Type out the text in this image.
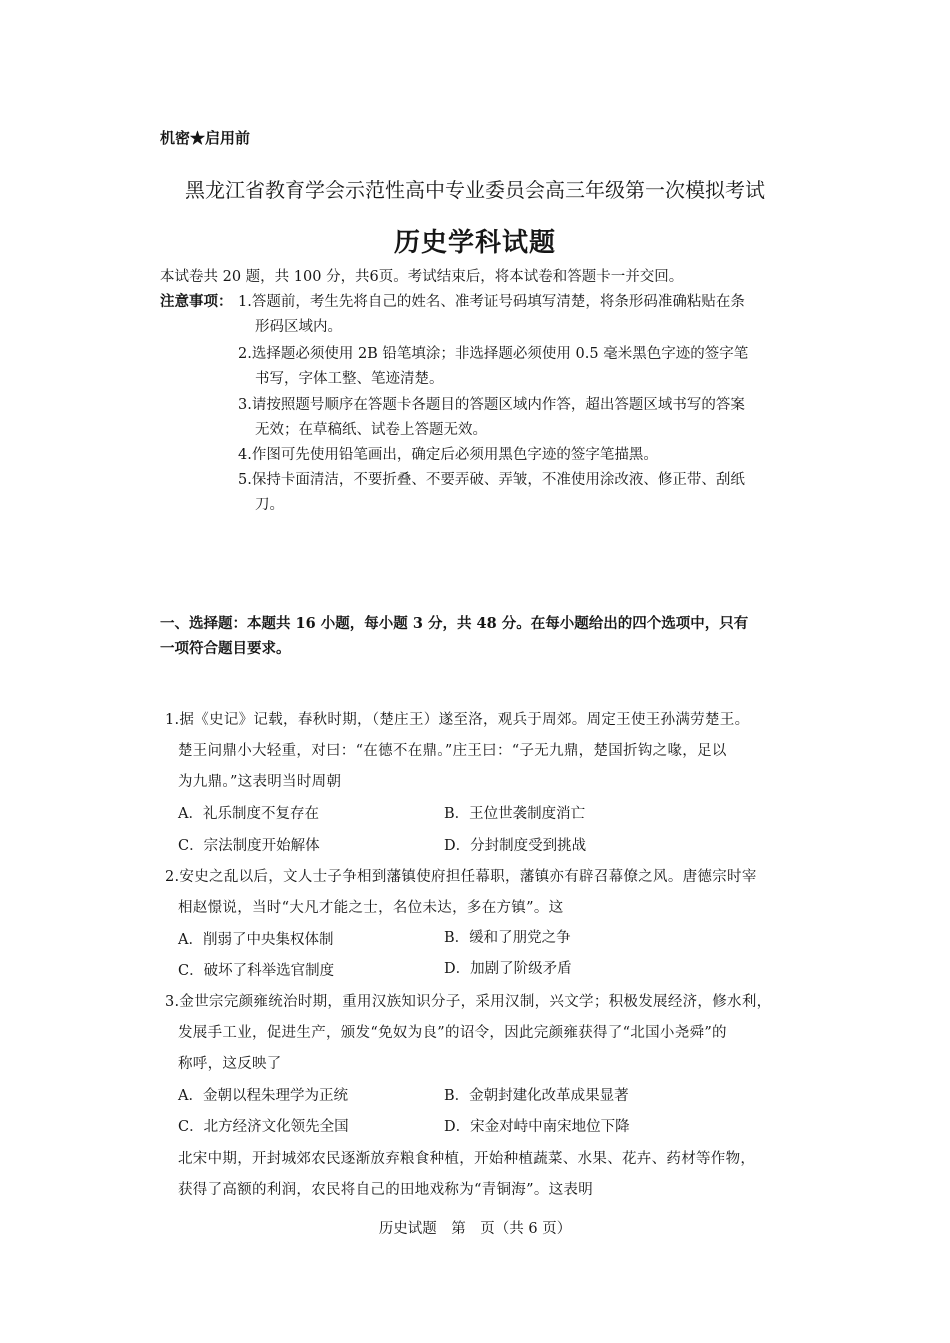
机密★启用前
黑龙江省教育学会示范性高中专业委员会高三年级第一次模拟考试
历史学科试题
本试卷共 20 题，共 100 分，共6页。考试结束后，将本试卷和答题卡一并交回。
注意事项： 1.答题前，考生先将自己的姓名、准考证号码填写清楚，将条形码准确粘贴在条
形码区域内。
2.选择题必须使用 2B 铅笔填涂；非选择题必须使用 0.5 毫米黑色字迹的签字笔
书写，字体工整、笔迹清楚。
3.请按照题号顺序在答题卡各题目的答题区域内作答，超出答题区域书写的答案
无效；在草稿纸、试卷上答题无效。
4.作图可先使用铅笔画出，确定后必须用黑色字迹的签字笔描黑。
5.保持卡面清洁，不要折叠、不要弄破、弄皱，不准使用涂改液、修正带、刮纸
刀。
一、选择题：本题共 16 小题，每小题 3 分，共 48 分。在每小题给出的四个选项中，只有
一项符合题目要求。
1.据《史记》记载，春秋时期，（楚庄王）遂至洛，观兵于周郊。周定王使王孙满劳楚王。
楚王问鼎小大轻重，对曰：“在德不在鼎。”庄王曰：“子无九鼎，楚国折钩之喙，足以
为九鼎。”这表明当时周朝
A．礼乐制度不复存在	B．王位世袭制度消亡
C．宗法制度开始解体	D．分封制度受到挑战
2.安史之乱以后，文人士子争相到藩镇使府担任幕职，藩镇亦有辟召幕僚之风。唐德宗时宰
相赵憬说，当时“大凡才能之士，名位未达，多在方镇”。这
A．削弱了中央集权体制	B．缓和了朋党之争
C．破坏了科举选官制度	D．加剧了阶级矛盾
3.金世宗完颜雍统治时期，重用汉族知识分子，采用汉制，兴文学；积极发展经济，修水利，
发展手工业，促进生产，颁发“免奴为良”的诏令，因此完颜雍获得了“北国小尧舜”的
称呼，这反映了
A．金朝以程朱理学为正统	B．金朝封建化改革成果显著
C．北方经济文化领先全国	D．宋金对峙中南宋地位下降
北宋中期，开封城郊农民逐渐放弃粮食种植，开始种植蔬菜、水果、花卉、药材等作物，
获得了高额的利润，农民将自己的田地戏称为“青铜海”。这表明
历史试题　第　页（共 6 页）
